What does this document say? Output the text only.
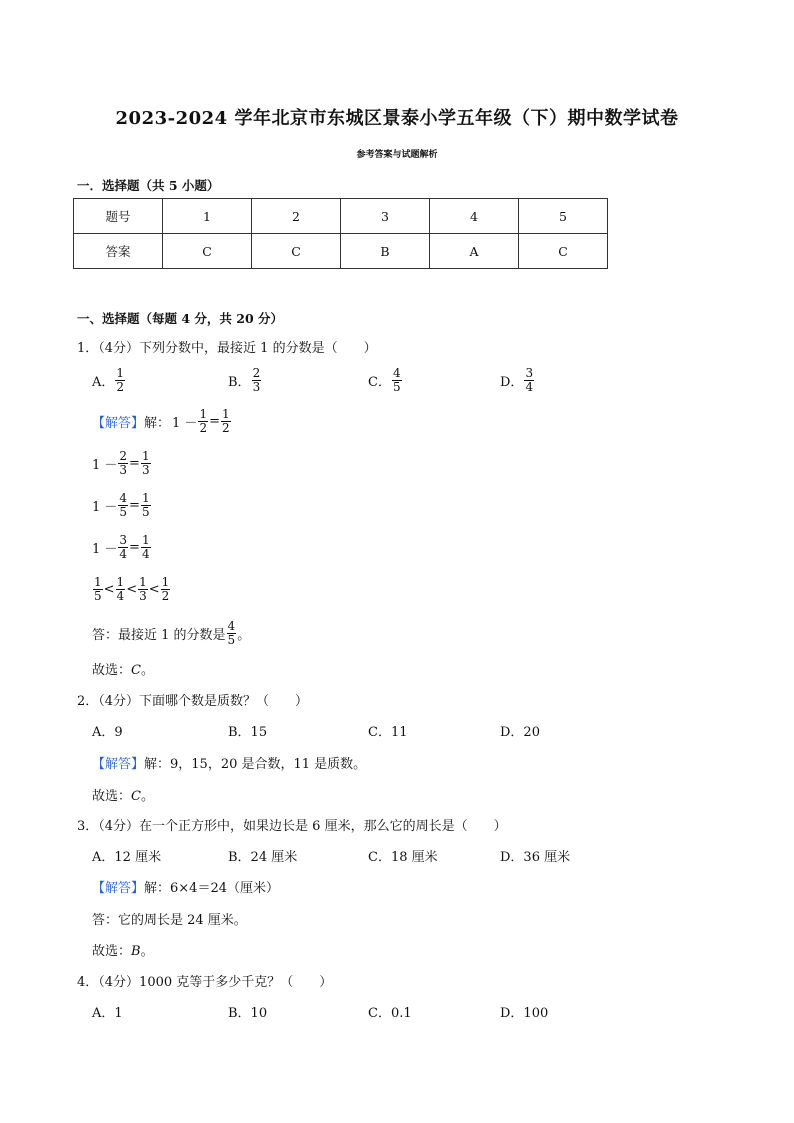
2023-2024 学年北京市东城区景泰小学五年级（下）期中数学试卷
参考答案与试题解析
一．选择题（共 5 小题）
题号	1	2	3	4	5
答案	C	C	B	A	C
一、选择题（每题 4 分，共 20 分）
1．（4分）下列分数中，最接近 1 的分数是（　　）
A． $\frac{1}{2}$	B． $\frac{2}{3}$	C． $\frac{4}{5}$	D． $\frac{3}{4}$
【解答】 解： $1 - \frac{1}{2} = \frac{1}{2}$
$1 - \frac{2}{3} = \frac{1}{3}$
$1 - \frac{4}{5} = \frac{1}{5}$
$1 - \frac{3}{4} = \frac{1}{4}$
$\frac{1}{5} < \frac{1}{4} < \frac{1}{3} < \frac{1}{2}$
答：最接近 1 的分数是 $\frac{4}{5}$ 。
故选：C。
2．（4分）下面哪个数是质数？（　　）
A．9	B．15	C．11	D．20
【解答】解：9，15，20 是合数，11 是质数。
故选：C。
3．（4分）在一个正方形中，如果边长是 6 厘米，那么它的周长是（　　）
A．12 厘米	B．24 厘米	C．18 厘米	D．36 厘米
【解答】解：6×4＝24（厘米）
答：它的周长是 24 厘米。
故选：B。
4．（4分）1000 克等于多少千克？（　　）
A．1	B．10	C．0.1	D．100
